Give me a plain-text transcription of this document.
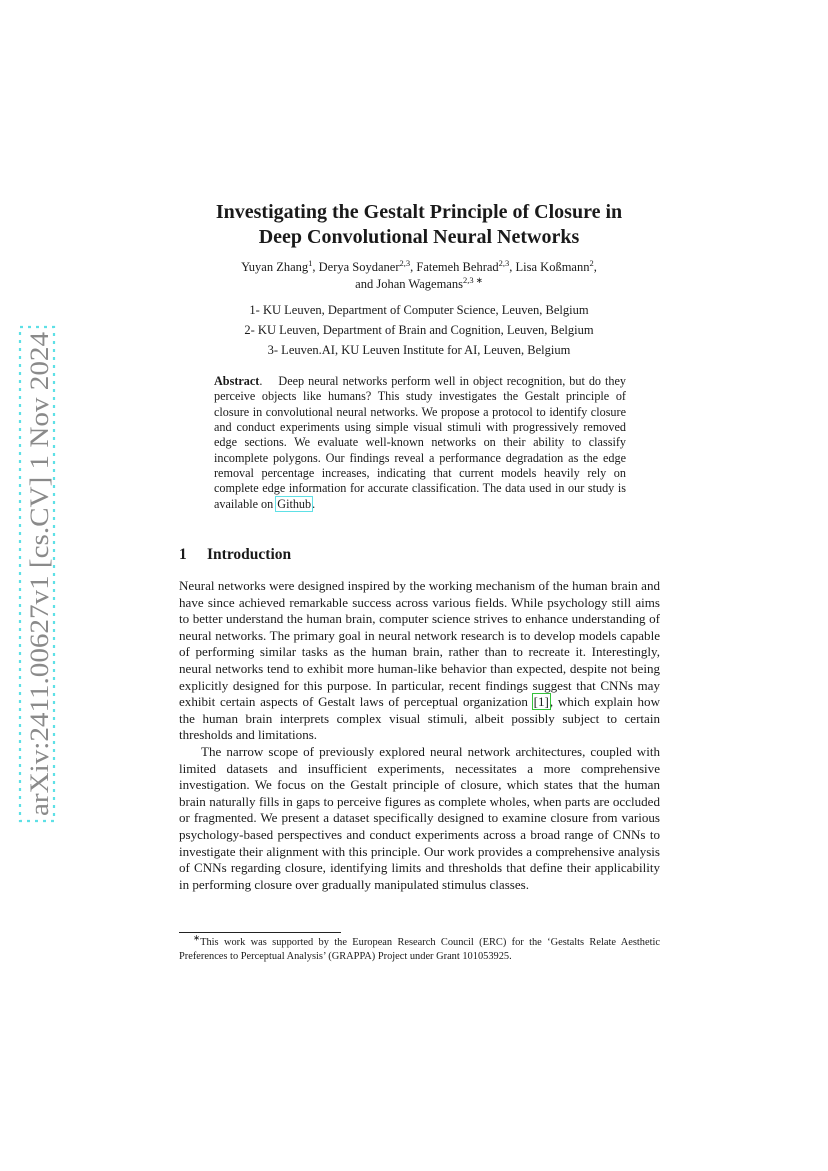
arXiv:2411.00627v1 [cs.CV] 1 Nov 2024
Investigating the Gestalt Principle of Closure in
Deep Convolutional Neural Networks
Yuyan Zhang$^1$, Derya Soydaner$^{2,3}$, Fatemeh Behrad$^{2,3}$, Lisa Koßmann$^2$,
and Johan Wagemans$^{2,3 ∗}$
1- KU Leuven, Department of Computer Science, Leuven, Belgium
2- KU Leuven, Department of Brain and Cognition, Leuven, Belgium
3- Leuven.AI, KU Leuven Institute for AI, Leuven, Belgium
Abstract.    Deep neural networks perform well in object recognition, but do they perceive objects like humans? This study investigates the Gestalt principle of closure in convolutional neural networks. We propose a protocol to identify closure and conduct experiments using simple visual stimuli with progressively removed edge sections. We evaluate well-known networks on their ability to classify incomplete polygons. Our findings reveal a performance degradation as the edge removal percentage increases, indicating that current models heavily rely on complete edge information for accurate classification. The data used in our study is available on Github.
1 Introduction

Neural networks were designed inspired by the working mechanism of the human brain and have since achieved remarkable success across various fields. While psychology still aims to better understand the human brain, computer science strives to enhance understanding of neural networks. The primary goal in neural network research is to develop models capable of performing similar tasks as the human brain, rather than to recreate it. Interestingly, neural networks tend to exhibit more human-like behavior than expected, despite not being explicitly designed for this purpose. In particular, recent findings suggest that CNNs may exhibit certain aspects of Gestalt laws of perceptual organization [1], which explain how the human brain interprets complex visual stimuli, albeit possibly subject to certain thresholds and limitations.

The narrow scope of previously explored neural network architectures, coupled with limited datasets and insufficient experiments, necessitates a more comprehensive investigation. We focus on the Gestalt principle of closure, which states that the human brain naturally fills in gaps to perceive figures as complete wholes, when parts are occluded or fragmented. We present a dataset specifically designed to examine closure from various psychology-based perspectives and conduct experiments across a broad range of CNNs to investigate their alignment with this principle. Our work provides a comprehensive analysis of CNNs regarding closure, identifying limits and thresholds that define their applicability in performing closure over gradually manipulated stimulus classes.

∗This work was supported by the European Research Council (ERC) for the ‘Gestalts Relate Aesthetic Preferences to Perceptual Analysis’ (GRAPPA) Project under Grant 101053925.
